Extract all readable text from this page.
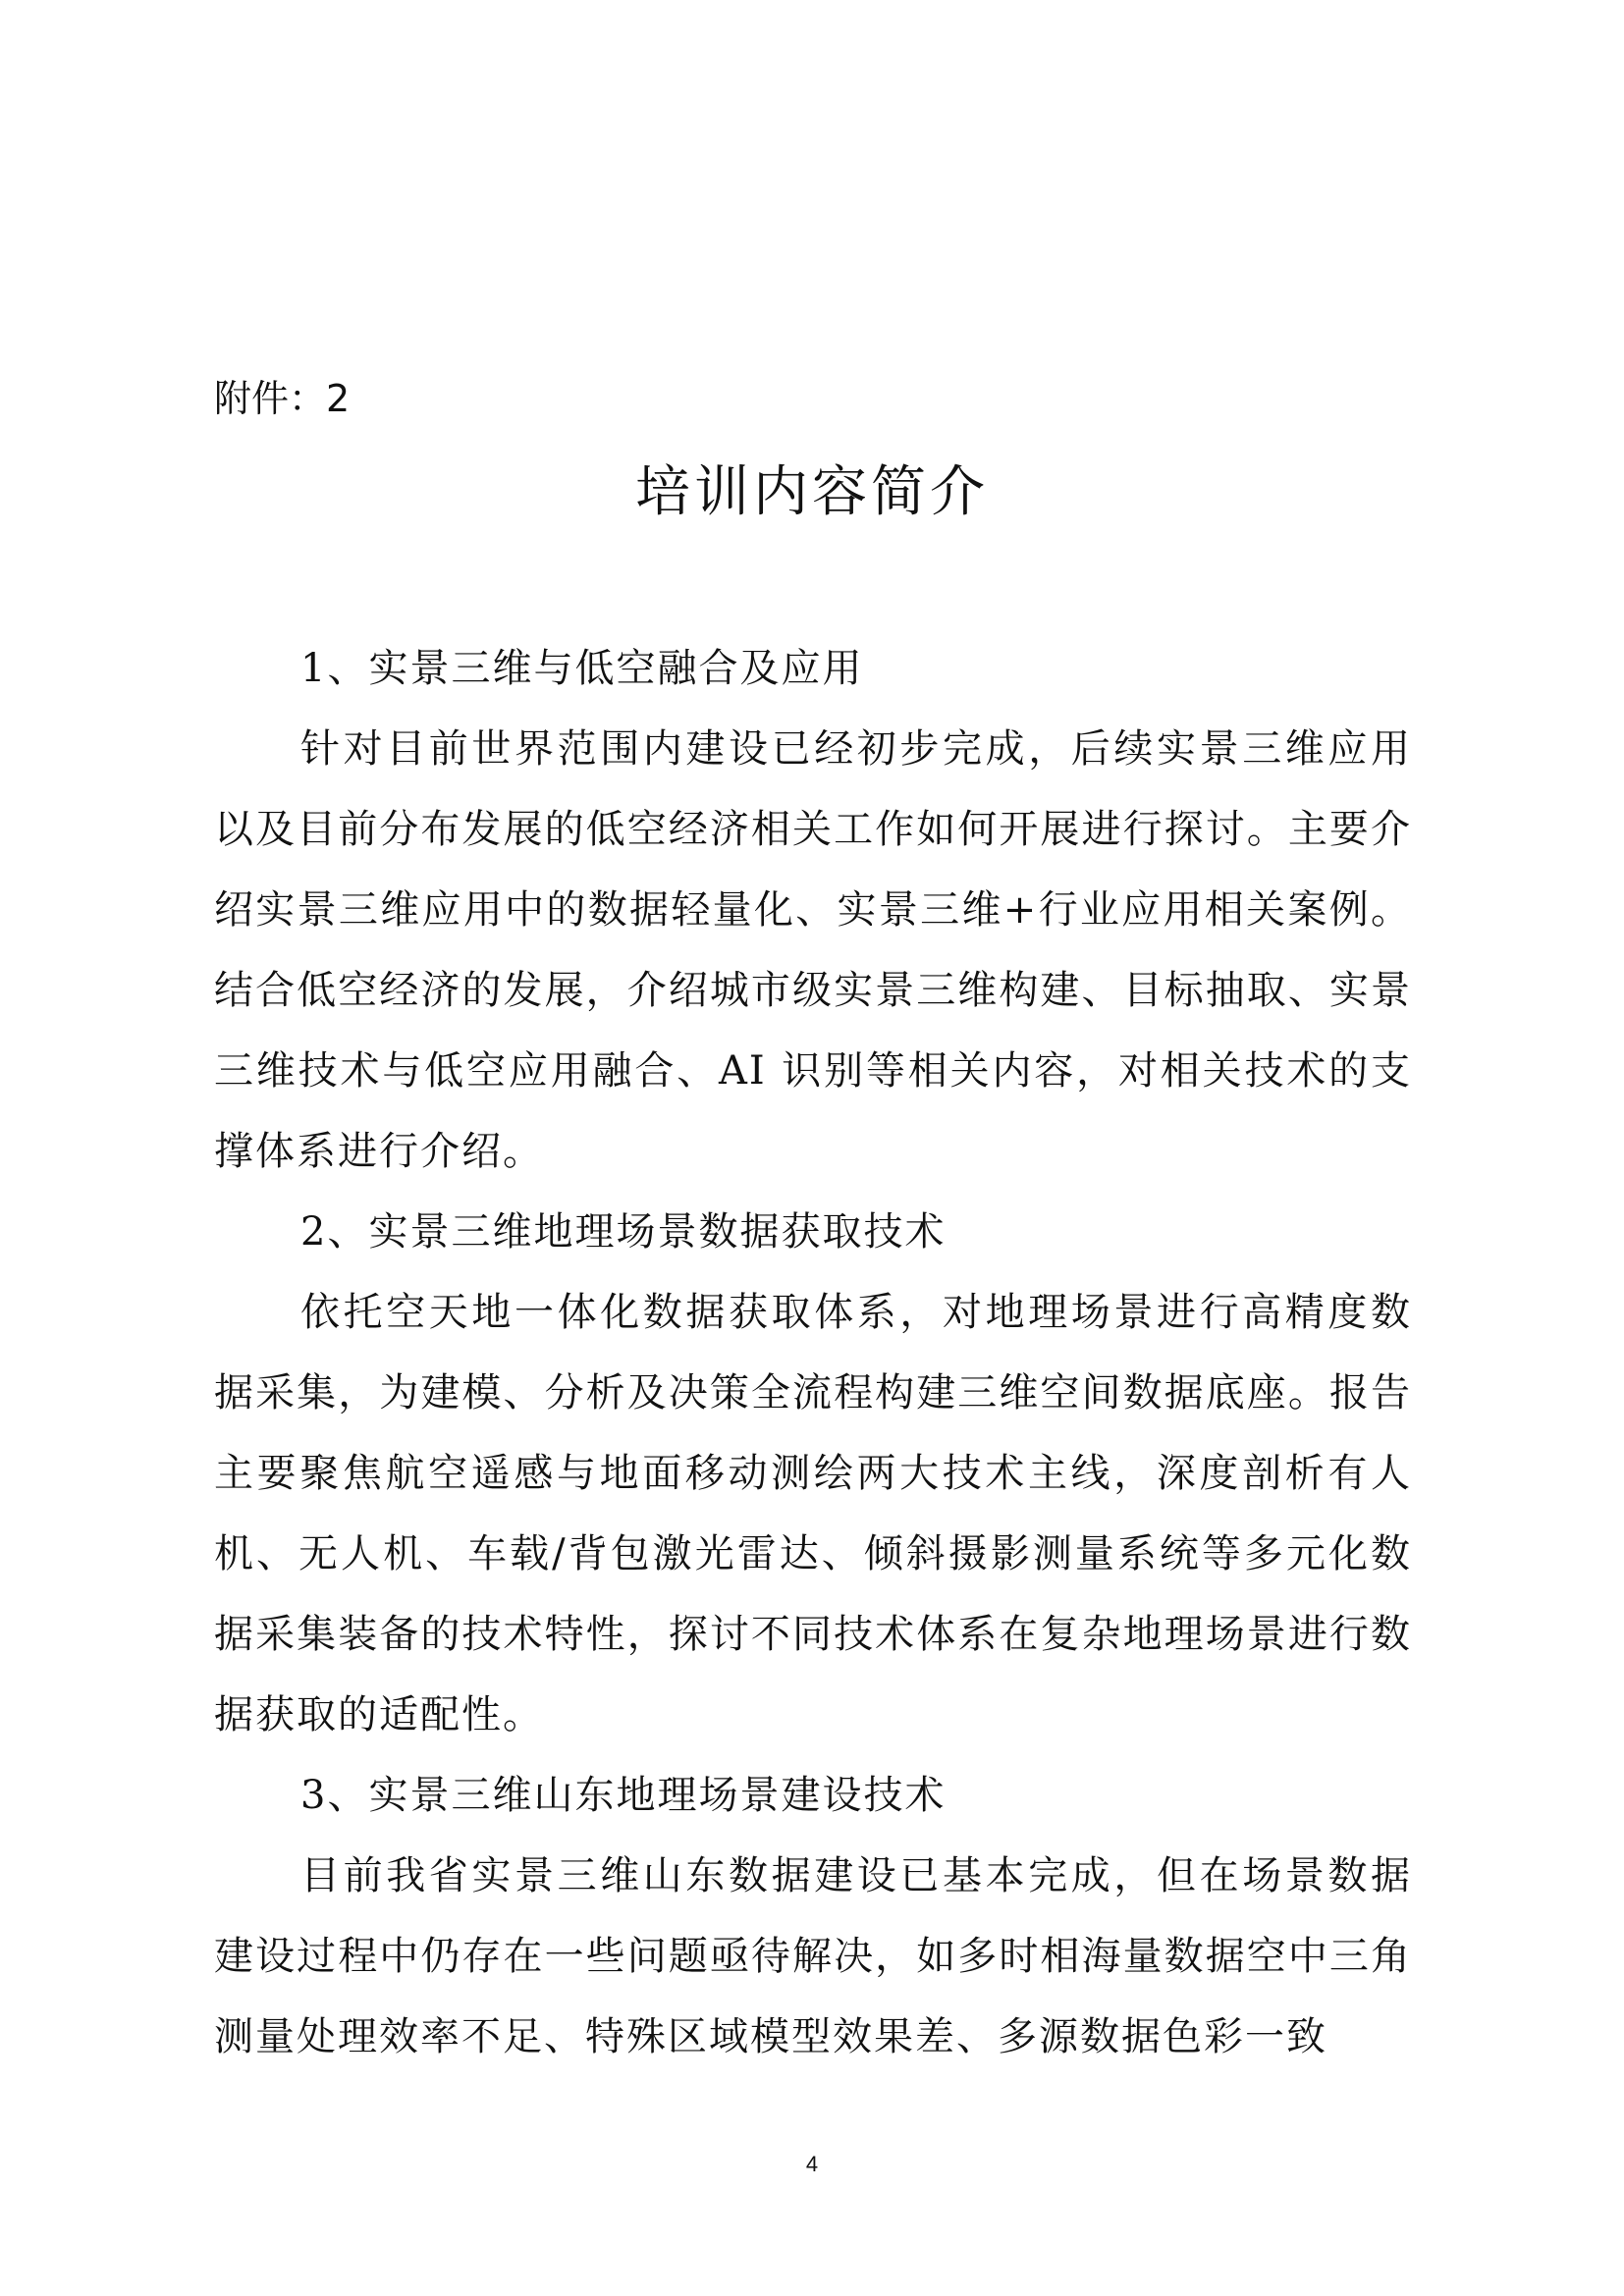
附件：2
培训内容简介

1、实景三维与低空融合及应用

针对目前世界范围内建设已经初步完成，后续实景三维应用以及目前分布发展的低空经济相关工作如何开展进行探讨。主要介绍实景三维应用中的数据轻量化、实景三维+行业应用相关案例。结合低空经济的发展，介绍城市级实景三维构建、目标抽取、实景三维技术与低空应用融合、AI 识别等相关内容，对相关技术的支撑体系进行介绍。

2、实景三维地理场景数据获取技术

依托空天地一体化数据获取体系，对地理场景进行高精度数据采集，为建模、分析及决策全流程构建三维空间数据底座。报告主要聚焦航空遥感与地面移动测绘两大技术主线，深度剖析有人机、无人机、车载/背包激光雷达、倾斜摄影测量系统等多元化数据采集装备的技术特性，探讨不同技术体系在复杂地理场景进行数据获取的适配性。

3、实景三维山东地理场景建设技术

目前我省实景三维山东数据建设已基本完成，但在场景数据建设过程中仍存在一些问题亟待解决，如多时相海量数据空中三角测量处理效率不足、特殊区域模型效果差、多源数据色彩一致

4
